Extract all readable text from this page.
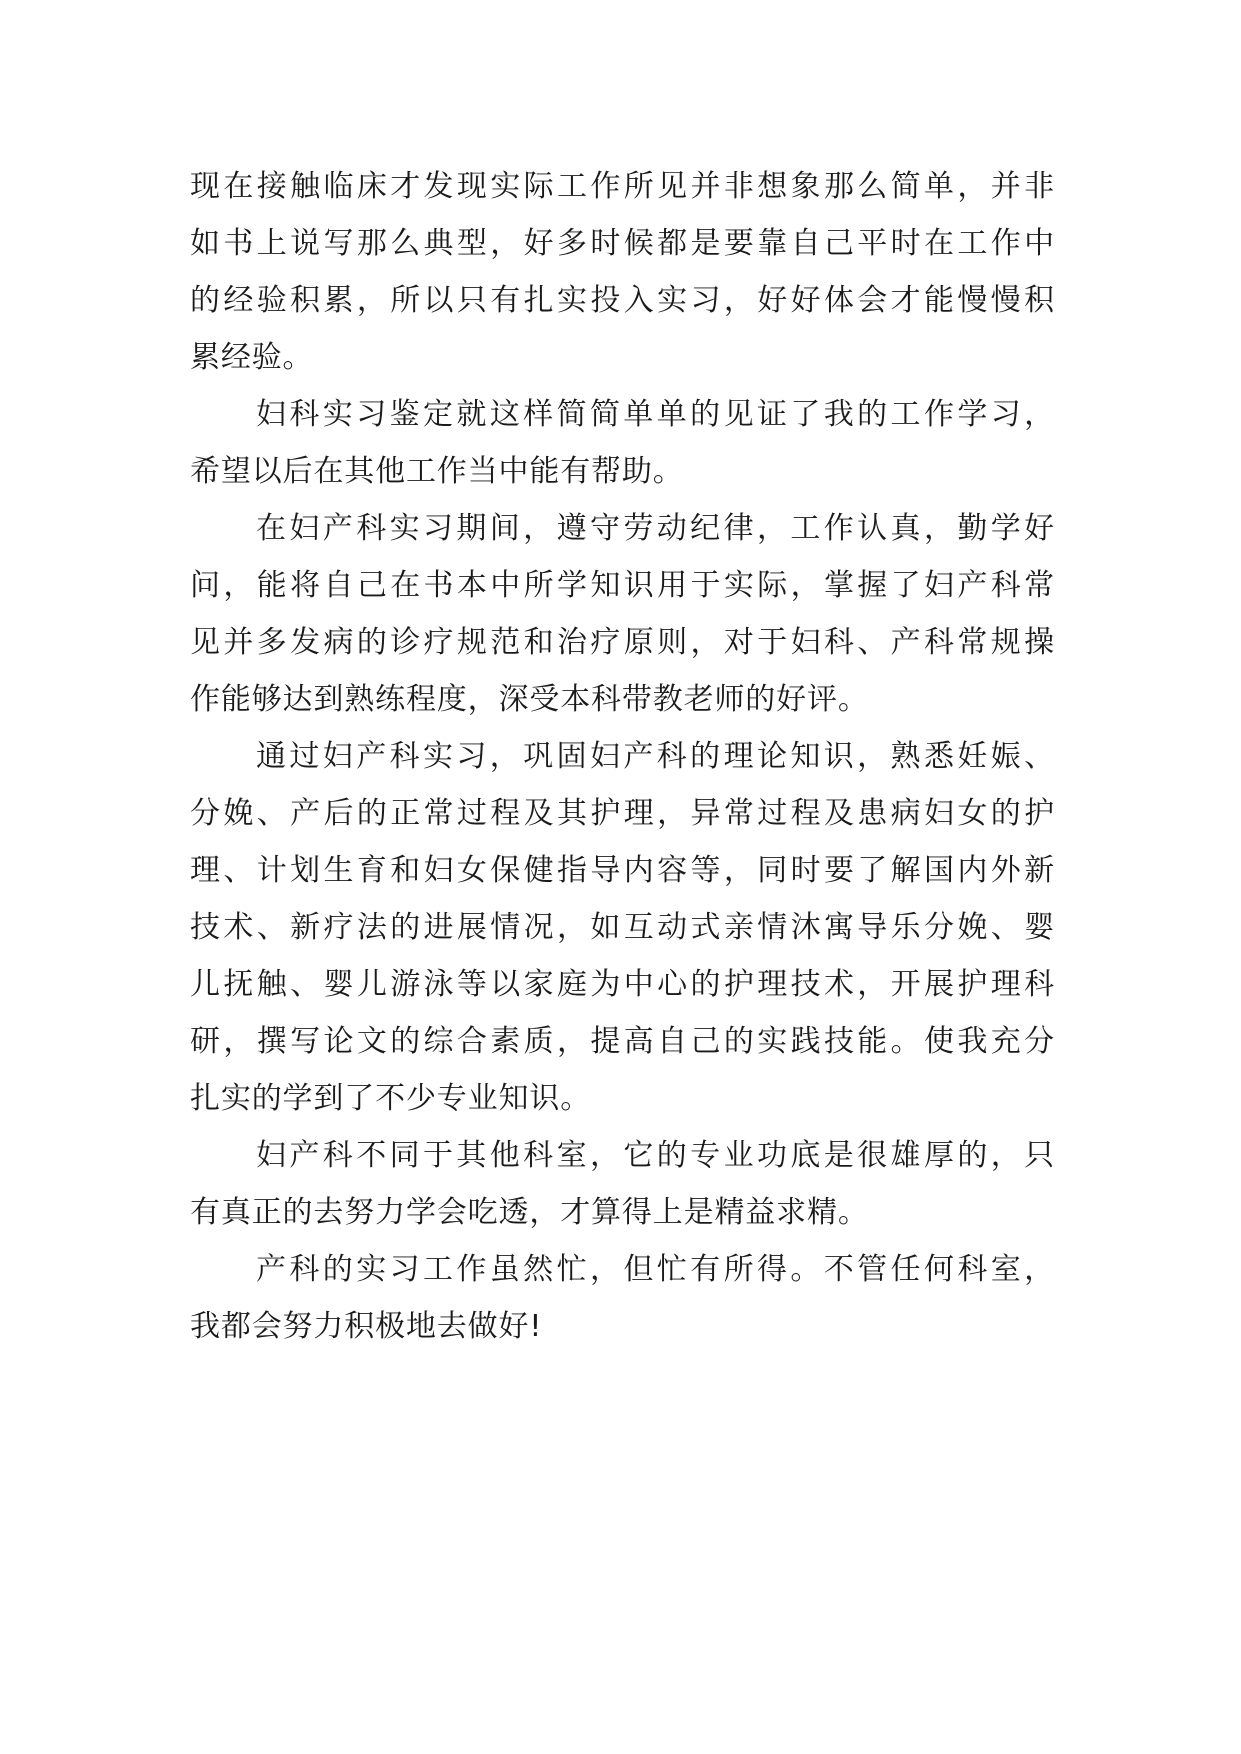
现在接触临床才发现实际工作所见并非想象那么简单，并非
如书上说写那么典型，好多时候都是要靠自己平时在工作中
的经验积累，所以只有扎实投入实习，好好体会才能慢慢积
累经验。
妇科实习鉴定就这样简简单单的见证了我的工作学习，
希望以后在其他工作当中能有帮助。
在妇产科实习期间，遵守劳动纪律，工作认真，勤学好
问，能将自己在书本中所学知识用于实际，掌握了妇产科常
见并多发病的诊疗规范和治疗原则，对于妇科、产科常规操
作能够达到熟练程度，深受本科带教老师的好评。
通过妇产科实习，巩固妇产科的理论知识，熟悉妊娠、
分娩、产后的正常过程及其护理，异常过程及患病妇女的护
理、计划生育和妇女保健指导内容等，同时要了解国内外新
技术、新疗法的进展情况，如互动式亲情沐寓导乐分娩、婴
儿抚触、婴儿游泳等以家庭为中心的护理技术，开展护理科
研，撰写论文的综合素质，提高自己的实践技能。使我充分
扎实的学到了不少专业知识。
妇产科不同于其他科室，它的专业功底是很雄厚的，只
有真正的去努力学会吃透，才算得上是精益求精。
产科的实习工作虽然忙，但忙有所得。不管任何科室，
我都会努力积极地去做好!
